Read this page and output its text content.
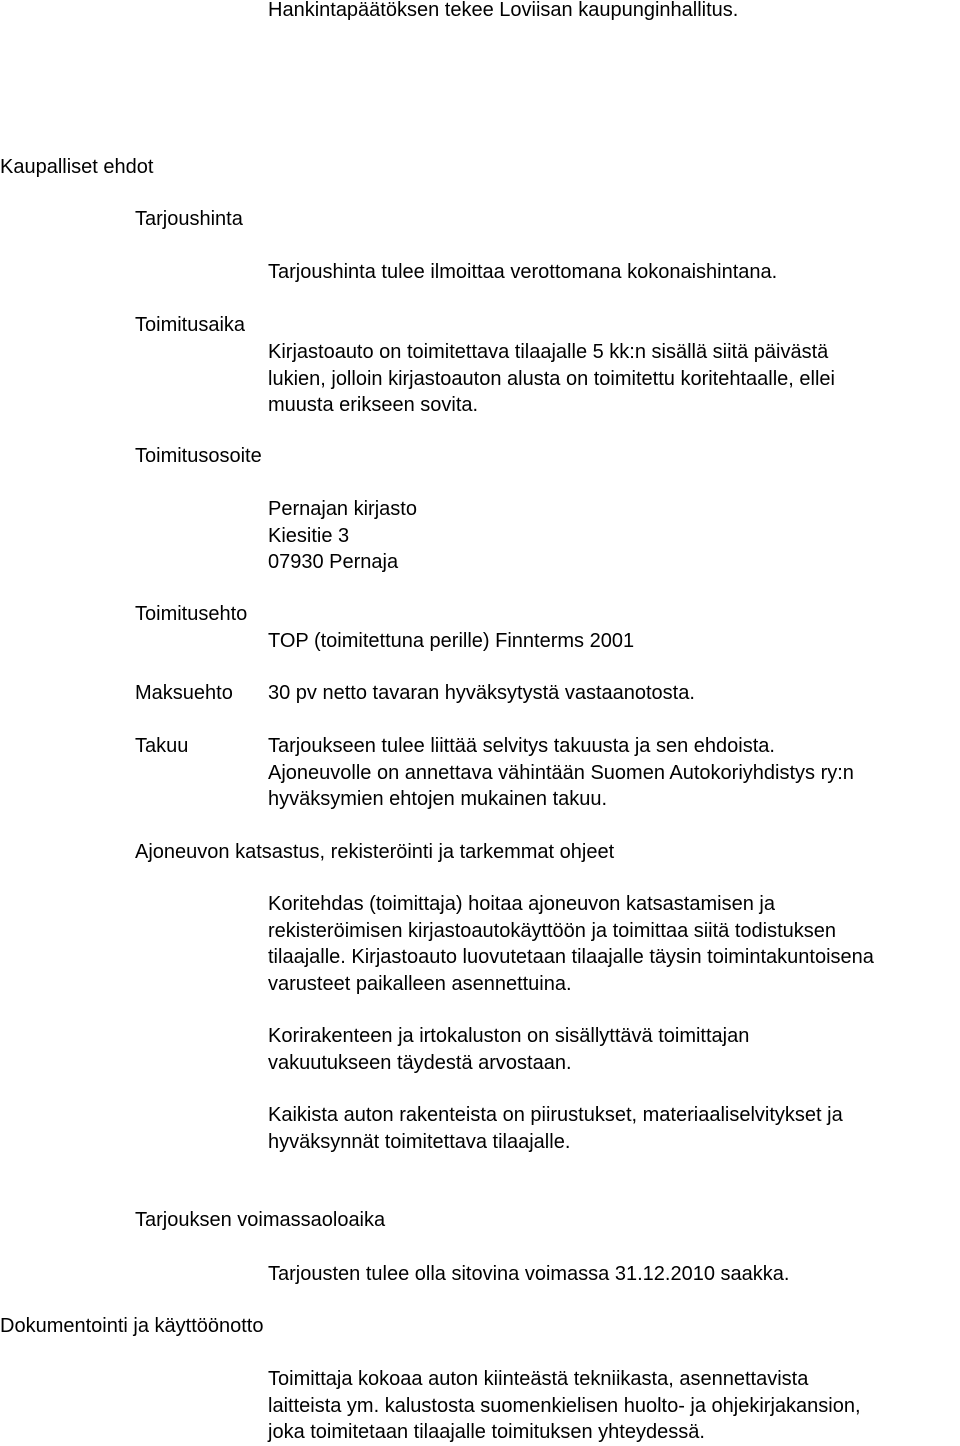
Hankintapäätöksen tekee Loviisan kaupunginhallitus.

Kaupalliset ehdot

Tarjoushinta

Tarjoushinta tulee ilmoittaa verottomana kokonaishintana.

Toimitusaika

Kirjastoauto on toimitettava tilaajalle 5 kk:n sisällä siitä päivästä
lukien, jolloin kirjastoauton alusta on toimitettu koritehtaalle, ellei
muusta erikseen sovita.

Toimitusosoite

Pernajan kirjasto
Kiesitie 3
07930 Pernaja

Toimitusehto

TOP (toimitettuna perille) Finnterms 2001

Maksuehto 30 pv netto tavaran hyväksytystä vastaanotosta.

Takuu	Tarjoukseen tulee liittää selvitys takuusta ja sen ehdoista.
Ajoneuvolle on annettava vähintään Suomen Autokoriyhdistys ry:n
hyväksymien ehtojen mukainen takuu.

Ajoneuvon katsastus, rekisteröinti ja tarkemmat ohjeet

Koritehdas (toimittaja) hoitaa ajoneuvon katsastamisen ja
rekisteröimisen kirjastoautokäyttöön ja toimittaa siitä todistuksen
tilaajalle. Kirjastoauto luovutetaan tilaajalle täysin toimintakuntoisena
varusteet paikalleen asennettuina.
Korirakenteen ja irtokaluston on sisällyttävä toimittajan
vakuutukseen täydestä arvostaan.
Kaikista auton rakenteista on piirustukset, materiaaliselvitykset ja
hyväksynnät toimitettava tilaajalle.

Tarjouksen voimassaoloaika

Tarjousten tulee olla sitovina voimassa 31.12.2010 saakka.

Dokumentointi ja käyttöönotto

Toimittaja kokoaa auton kiinteästä tekniikasta, asennettavista
laitteista ym. kalustosta suomenkielisen huolto- ja ohjekirjakansion,
joka toimitetaan tilaajalle toimituksen yhteydessä.
